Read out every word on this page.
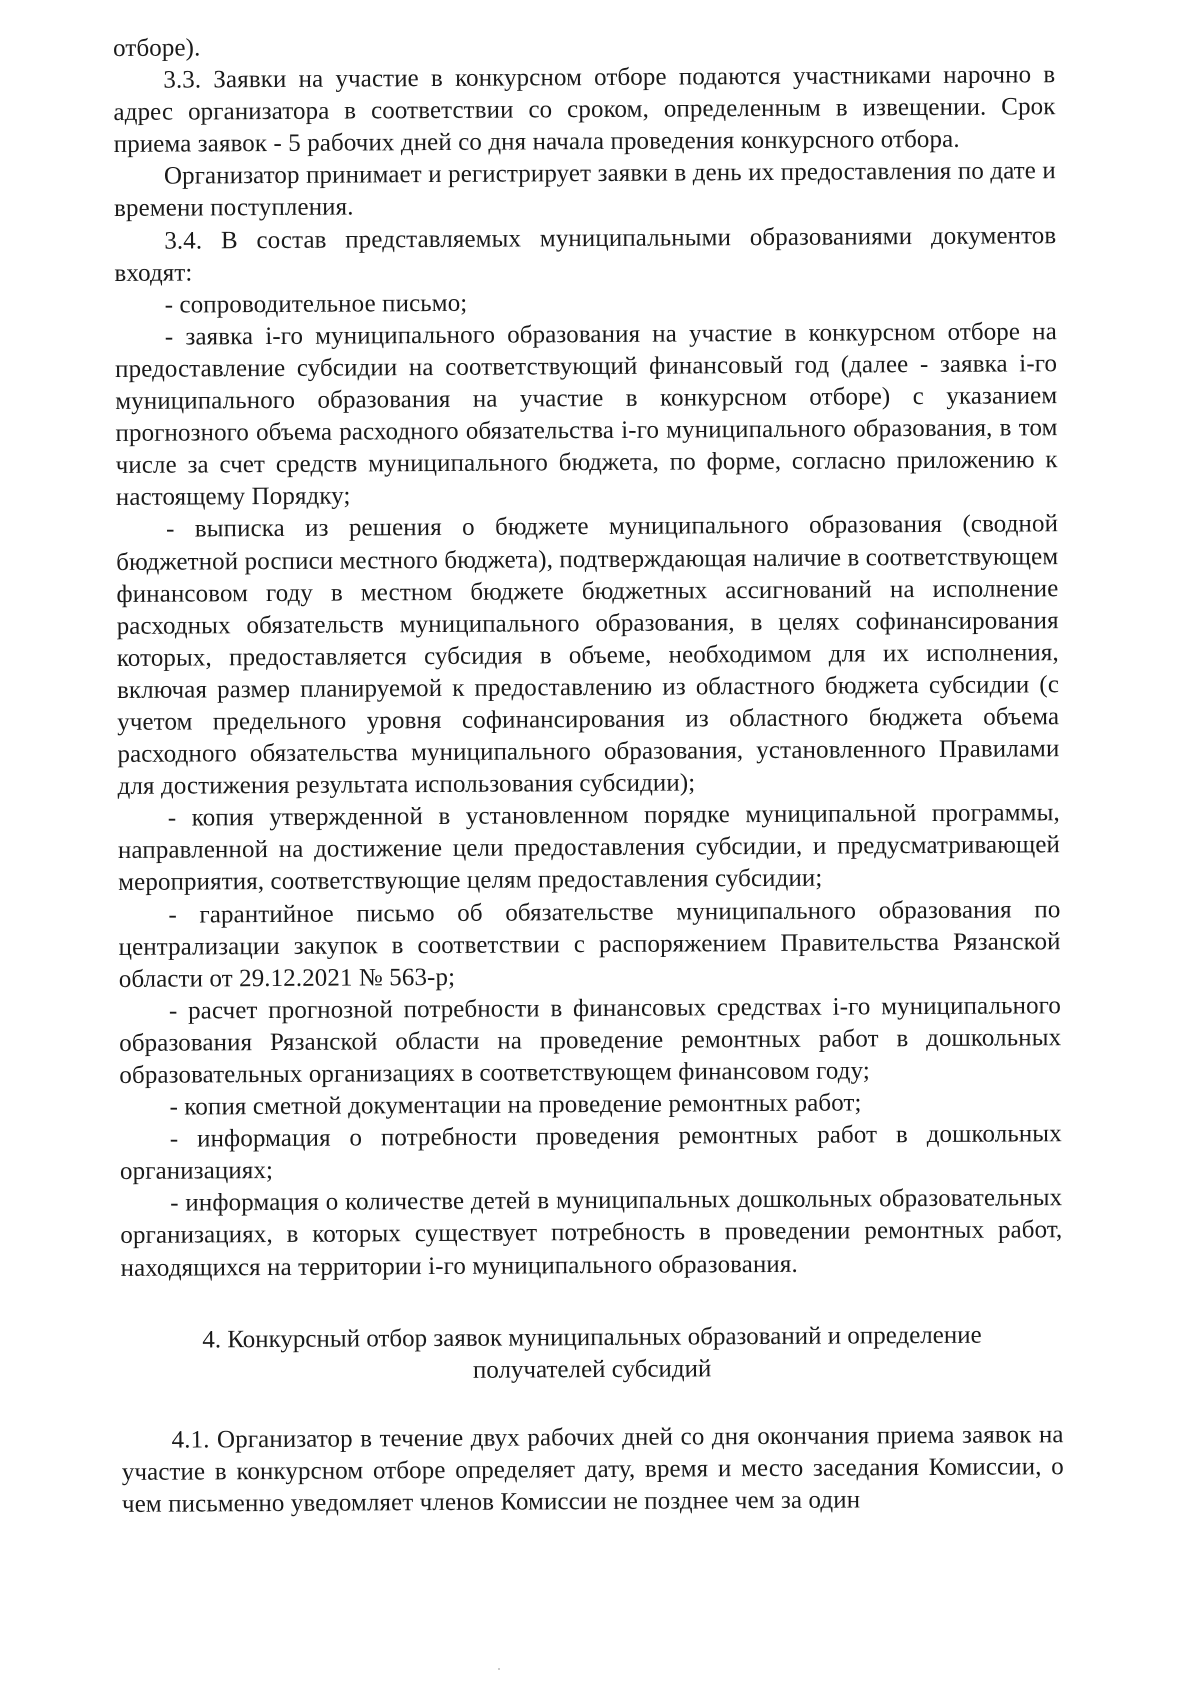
отборе).

3.3. Заявки на участие в конкурсном отборе подаются участниками нарочно в адрес организатора в соответствии со сроком, определенным в извещении. Срок приема заявок - 5 рабочих дней со дня начала проведения конкурсного отбора.

Организатор принимает и регистрирует заявки в день их предоставления по дате и времени поступления.

3.4. В состав представляемых муниципальными образованиями документов входят:

- сопроводительное письмо;

- заявка i-го муниципального образования на участие в конкурсном отборе на предоставление субсидии на соответствующий финансовый год (далее - заявка i-го муниципального образования на участие в конкурсном отборе) с указанием прогнозного объема расходного обязательства i-го муниципального образования, в том числе за счет средств муниципального бюджета, по форме, согласно приложению к настоящему Порядку;

- выписка из решения о бюджете муниципального образования (сводной бюджетной росписи местного бюджета), подтверждающая наличие в соответствующем финансовом году в местном бюджете бюджетных ассигнований на исполнение расходных обязательств муниципального образования, в целях софинансирования которых, предоставляется субсидия в объеме, необходимом для их исполнения, включая размер планируемой к предоставлению из областного бюджета субсидии (с учетом предельного уровня софинансирования из областного бюджета объема расходного обязательства муниципального образования, установленного Правилами для достижения результата использования субсидии);

- копия утвержденной в установленном порядке муниципальной программы, направленной на достижение цели предоставления субсидии, и предусматривающей мероприятия, соответствующие целям предоставления субсидии;

- гарантийное письмо об обязательстве муниципального образования по централизации закупок в соответствии с распоряжением Правительства Рязанской области от 29.12.2021 № 563-р;

- расчет прогнозной потребности в финансовых средствах i-го муниципального образования Рязанской области на проведение ремонтных работ в дошкольных образовательных организациях в соответствующем финансовом году;

- копия сметной документации на проведение ремонтных работ;

- информация о потребности проведения ремонтных работ в дошкольных организациях;

- информация о количестве детей в муниципальных дошкольных образовательных организациях, в которых существует потребность в проведении ремонтных работ, находящихся на территории i-го муниципального образования.

4. Конкурсный отбор заявок муниципальных образований и определение получателей субсидий

4.1. Организатор в течение двух рабочих дней со дня окончания приема заявок на участие в конкурсном отборе определяет дату, время и место заседания Комиссии, о чем письменно уведомляет членов Комиссии не позднее чем за один
